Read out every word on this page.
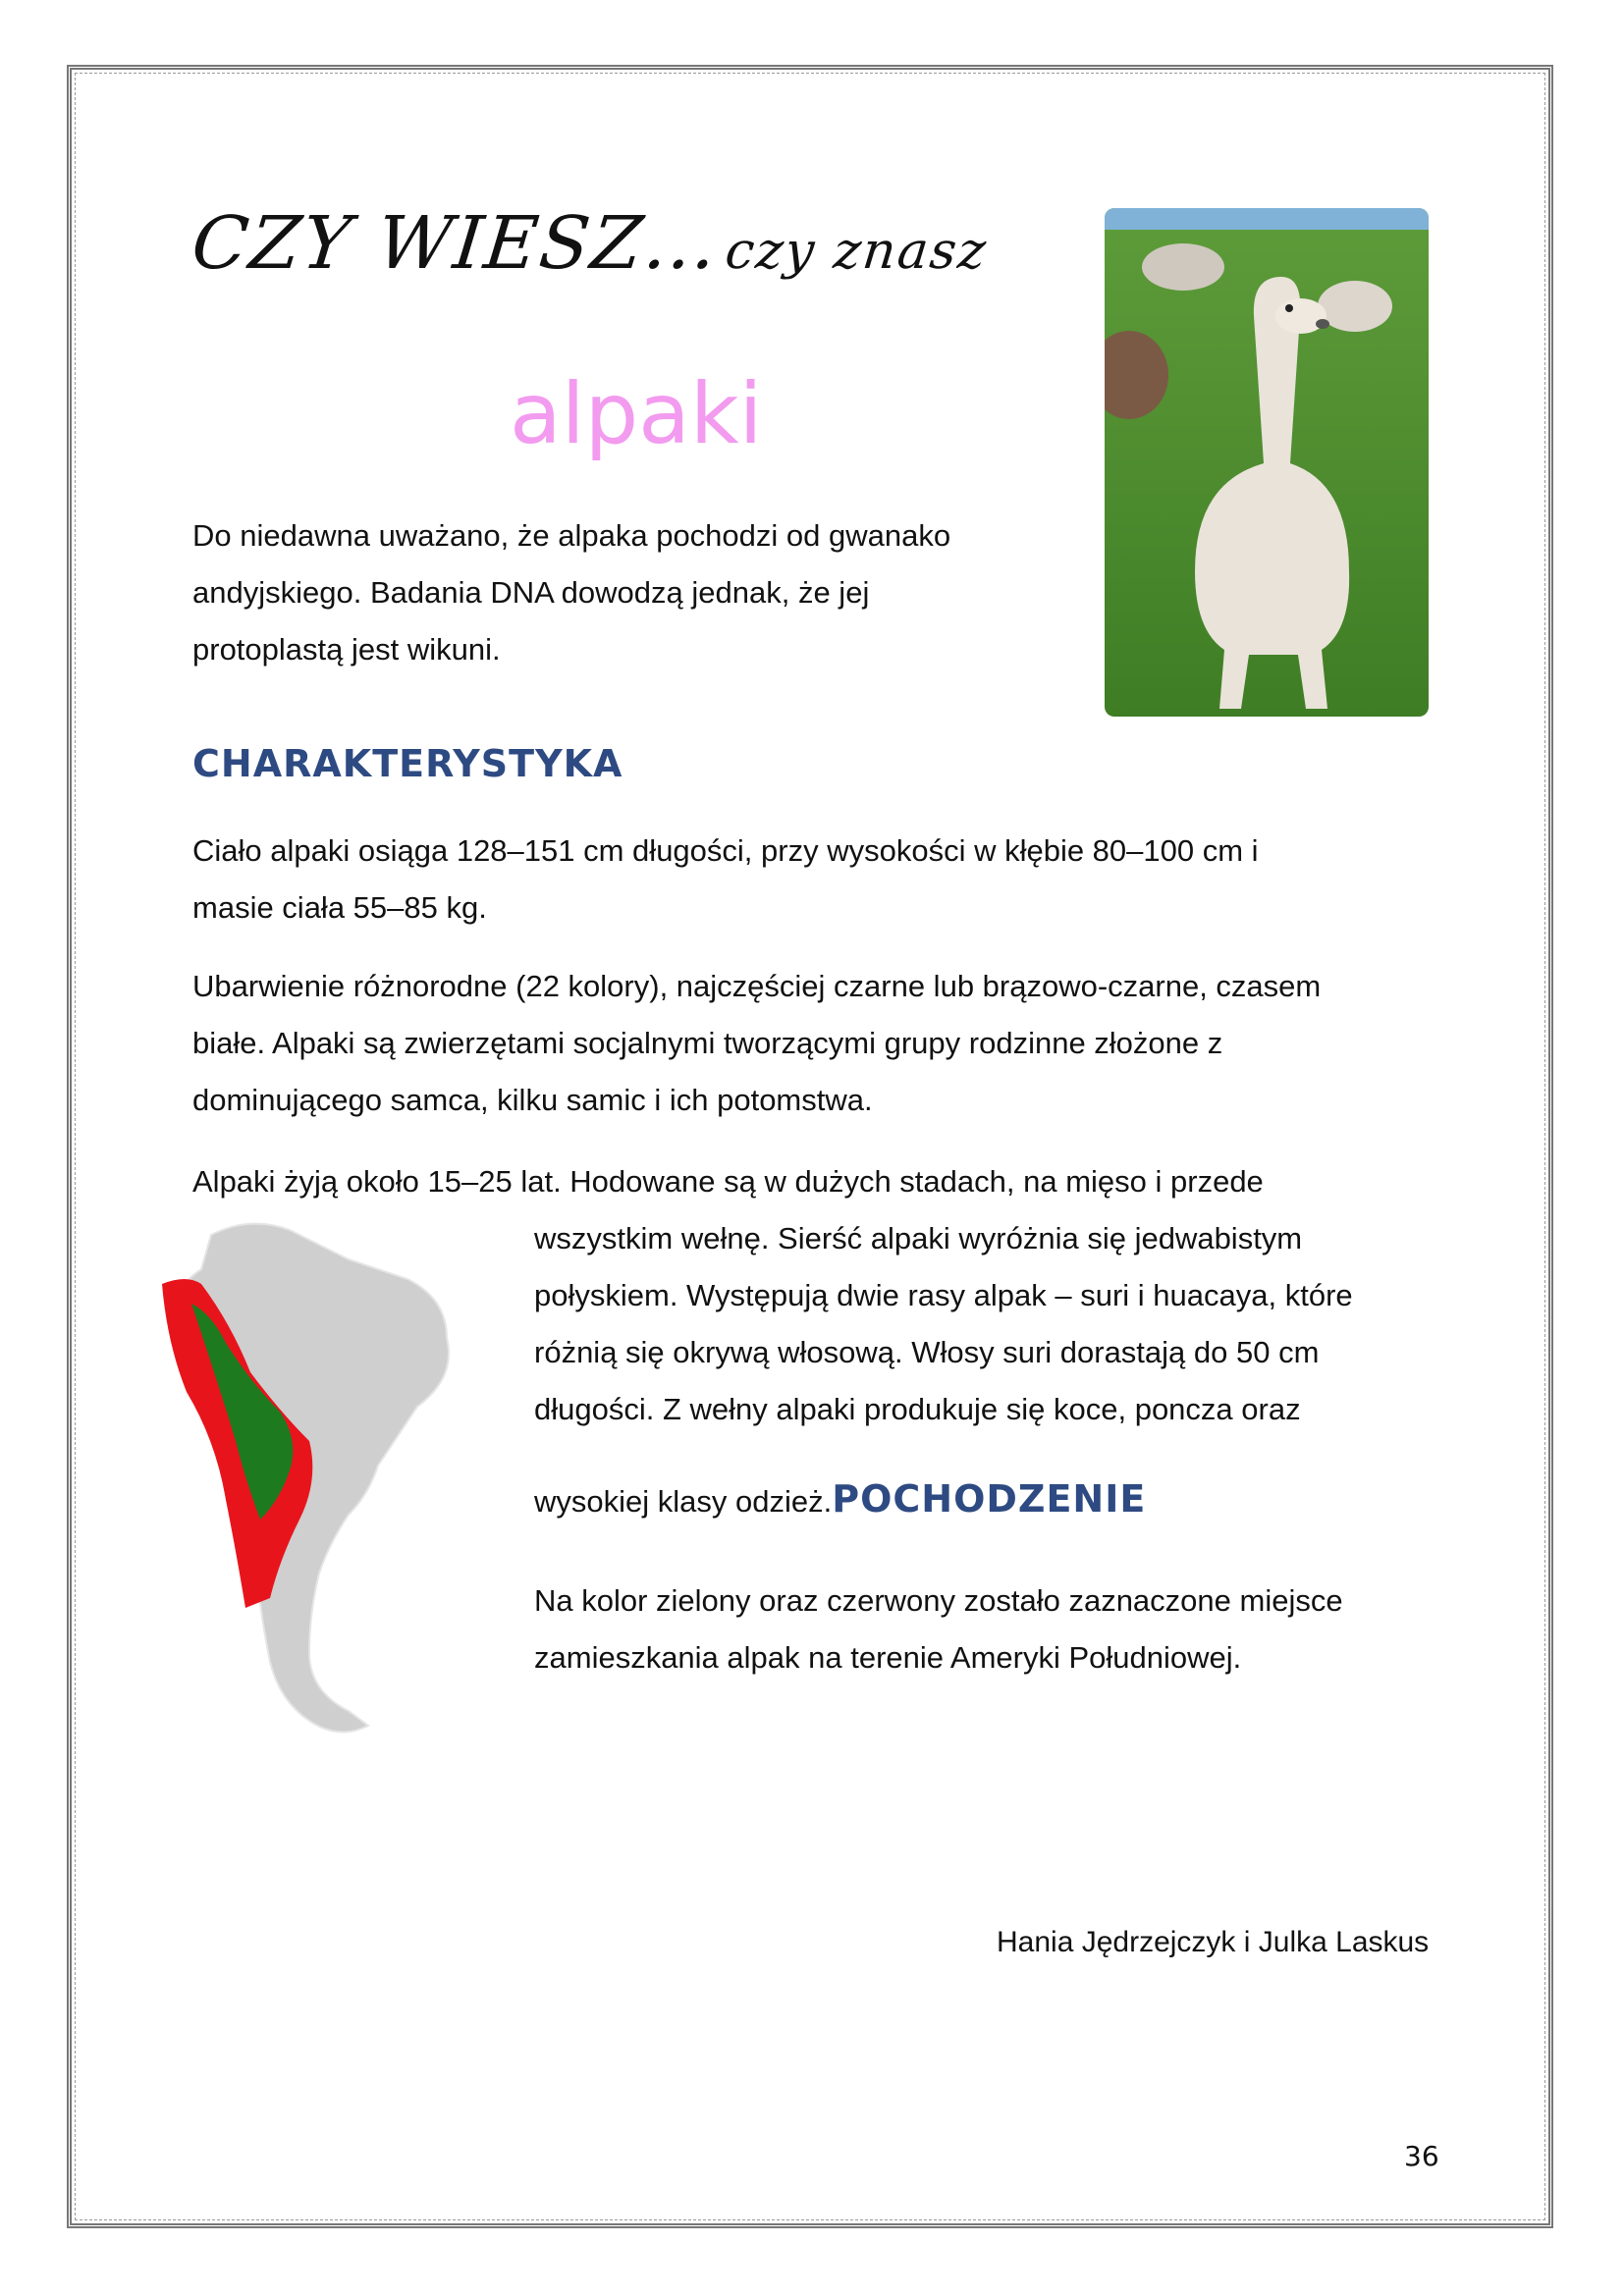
CZY WIESZ…czy znasz
alpaki
Do niedawna uważano, że alpaka pochodzi od gwanako
andyjskiego. Badania DNA dowodzą jednak, że jej
protoplastą jest wikuni.
CHARAKTERYSTYKA
Ciało alpaki osiąga 128–151 cm długości, przy wysokości w kłębie 80–100 cm i
masie ciała 55–85 kg.
Ubarwienie różnorodne (22 kolory), najczęściej czarne lub brązowo-czarne, czasem
białe. Alpaki są zwierzętami socjalnymi tworzącymi grupy rodzinne złożone z
dominującego samca, kilku samic i ich potomstwa.
Alpaki żyją około 15–25 lat. Hodowane są w dużych stadach, na mięso i przede
wszystkim wełnę. Sierść alpaki wyróżnia się jedwabistym
połyskiem. Występują dwie rasy alpak – suri i huacaya, które
różnią się okrywą włosową. Włosy suri dorastają do 50 cm
długości. Z wełny alpaki produkuje się koce, poncza oraz
wysokiej klasy odzież.POCHODZENIE
Na kolor zielony oraz czerwony zostało zaznaczone miejsce
zamieszkania alpak na terenie Ameryki Południowej.
Hania Jędrzejczyk i Julka Laskus
36
